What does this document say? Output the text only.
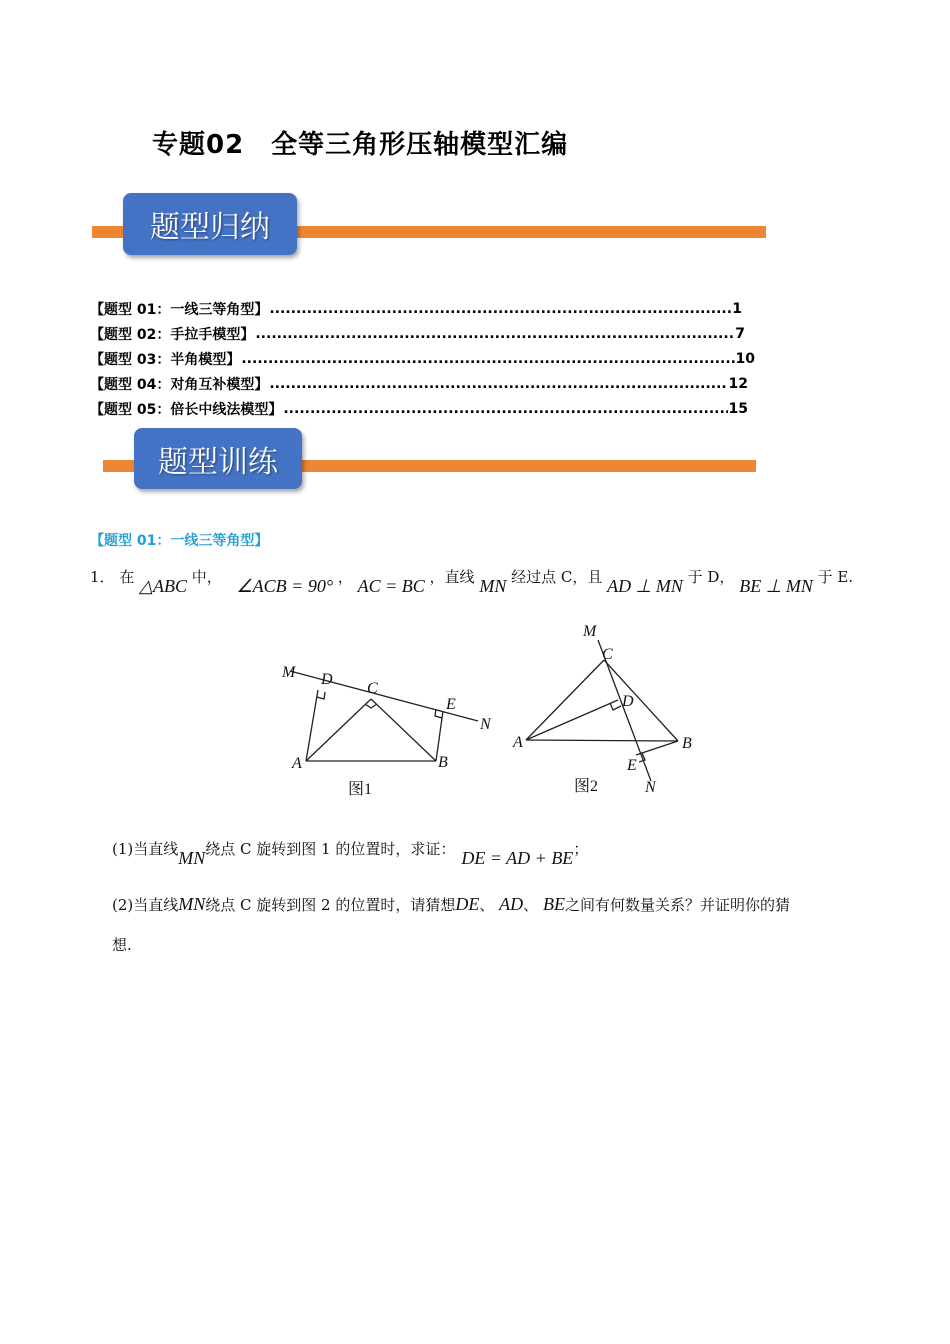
专题02　全等三角形压轴模型汇编
题型归纳
【题型 01：一线三等角型】 .....	1
【题型 02：手拉手模型】 .....	7
【题型 03：半角模型】 .....	10
【题型 04：对角互补模型】 .....	12
【题型 05：倍长中线法模型】 .....	15
题型训练
【题型 01：一线三等角型】
1． 在 △ABC 中， ∠ACB = 90° ， AC = BC ，直线 MN 经过点 C，且 AD ⊥ MN 于 D， BE ⊥ MN 于 E.
M D
C
E
N
A	B
图1
M
C
D
A	B
E
N
图2
(1)当直线MN绕点 C 旋转到图 1 的位置时，求证： DE = AD + BE；
(2)当直线MN绕点 C 旋转到图 2 的位置时，请猜想DE、 AD、 BE之间有何数量关系？并证明你的猜
想.
